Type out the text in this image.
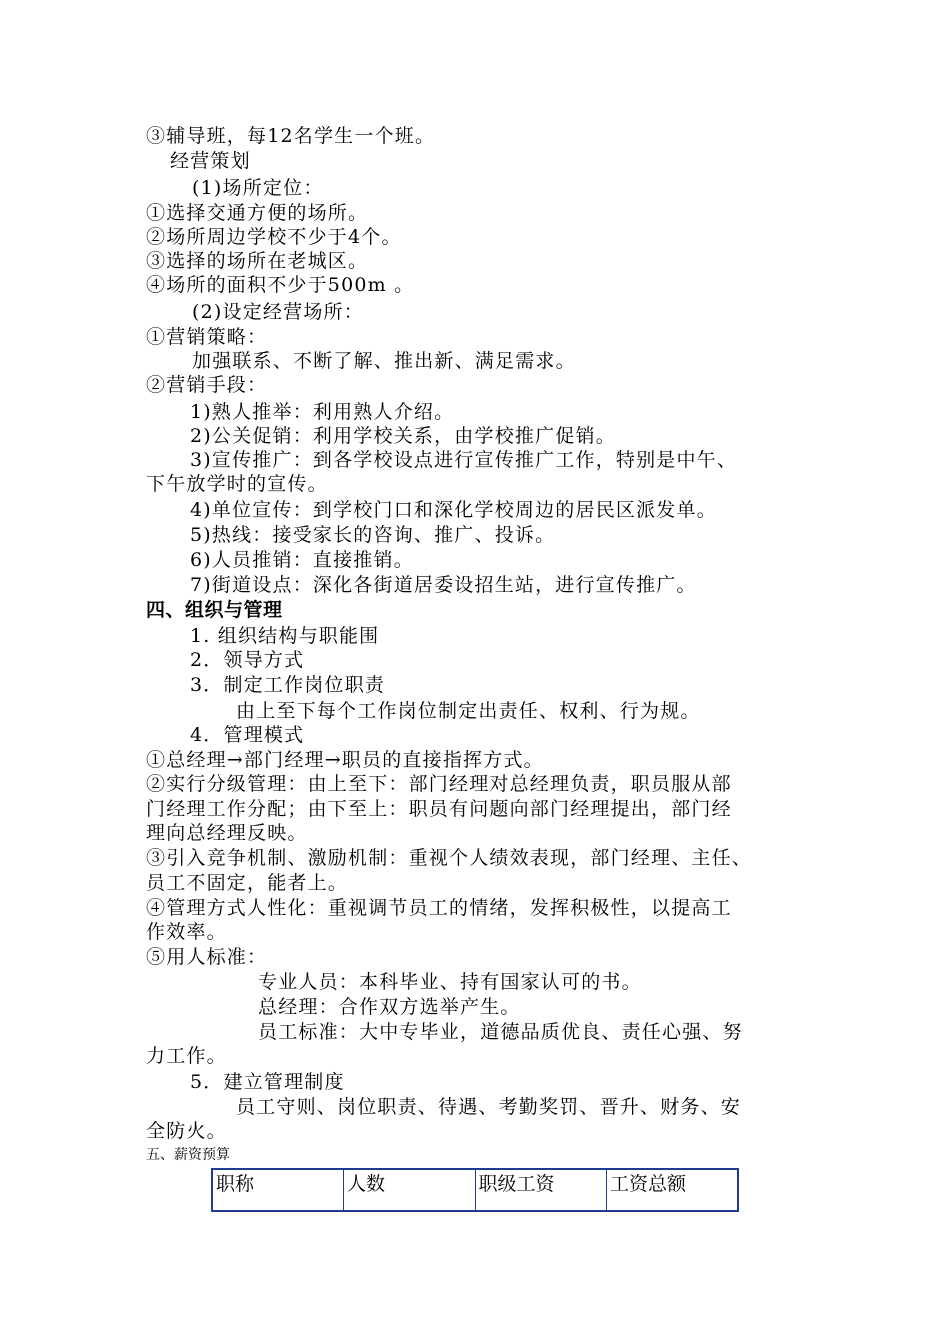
③辅导班，每12名学生一个班。
经营策划
(1)场所定位：
①选择交通方便的场所。
②场所周边学校不少于4个。
③选择的场所在老城区。
④场所的面积不少于500m 。
(2)设定经营场所：
①营销策略：
加强联系、不断了解、推出新、满足需求。
②营销手段：
1)熟人推举：利用熟人介绍。
2)公关促销：利用学校关系，由学校推广促销。
3)宣传推广：到各学校设点进行宣传推广工作，特别是中午、
下午放学时的宣传。
4)单位宣传：到学校门口和深化学校周边的居民区派发单。
5)热线：接受家长的咨询、推广、投诉。
6)人员推销：直接推销。
7)街道设点：深化各街道居委设招生站，进行宣传推广。
四、组织与管理
1. 组织结构与职能围
2．领导方式
3．制定工作岗位职责
由上至下每个工作岗位制定出责任、权利、行为规。
4．管理模式
①总经理→部门经理→职员的直接指挥方式。
②实行分级管理：由上至下：部门经理对总经理负责，职员服从部
门经理工作分配；由下至上：职员有问题向部门经理提出，部门经
理向总经理反映。
③引入竞争机制、激励机制：重视个人绩效表现，部门经理、主任、
员工不固定，能者上。
④管理方式人性化：重视调节员工的情绪，发挥积极性，以提高工
作效率。
⑤用人标准：
专业人员：本科毕业、持有国家认可的书。
总经理：合作双方选举产生。
员工标准：大中专毕业，道德品质优良、责任心强、努
力工作。
5．建立管理制度
员工守则、岗位职责、待遇、考勤奖罚、晋升、财务、安
全防火。
五、薪资预算
职称	人数	职级工资	工资总额
